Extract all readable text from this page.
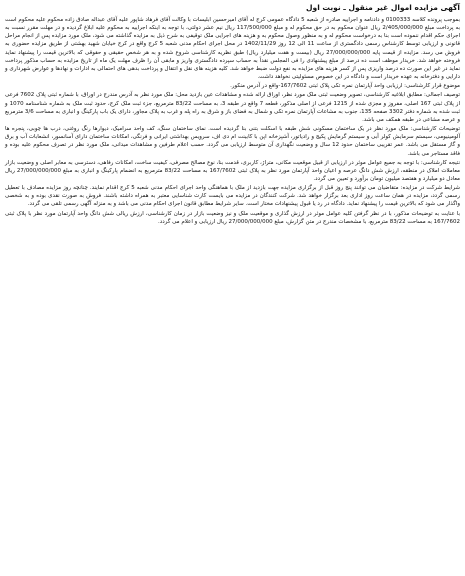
آگهی مزایده اموال غیر منقول ـ نوبت اول

بموجب پرونده کلاسه 0100333 و دادنامه و اجراییه صادره از شعبه 5 دادگاه عمومی کرج له آقای امیرحسین ابلیسات با وکالت آقای فرهاد شاپور علیه آقای عبداله صادق زاده محکوم علیه محکوم است به پرداخت مبلغ 2/405/000/000 ریال عنوان محکوم به در حق محکوم له و مبلغ 117/500/000 ریال نیم عشر دولتی، با توجه به اینکه اجراییه به محکوم علیه ابلاغ گردیده و در مهلت مقرر نسبت به اجرای حکم اقدام ننموده است بنا به درخواست محکوم له و به منظور وصول محکوم به و هزینه های اجرایی ملک توقیفی به شرح ذیل به مزایده گذاشته می شود، ملک مورد مزایده پس از انجام مراحل قانونی و ارزیابی توسط کارشناس رسمی دادگستری از ساعت 11 الی 12 روز 1402/11/29 در محل اجرای احکام مدنی شعبه 5 کرج واقع در کرج خیابان شهید بهشتی از طریق مزایده حضوری به فروش می رسد. مزایده از قیمت پایه 27/000/000/000 ریال (بیست و هفت میلیارد ریال) طبق نظریه کارشناسی شروع شده و به هر شخص حقیقی و حقوقی که بالاترین قیمت را پیشنهاد نماید فروخته خواهد شد. خریدار موظف است ده درصد از مبلغ پیشنهادی را فی المجلس نقداً به حساب سپرده دادگستری واریز و مابقی آن را ظرف مهلت یک ماه از تاریخ مزایده به حساب مذکور پرداخت نماید در غیر این صورت ده درصد واریزی پس از کسر هزینه های مزایده به نفع دولت ضبط خواهد شد. کلیه هزینه های نقل و انتقال و پرداخت بدهی های احتمالی به ادارات و نهادها و عوارض شهرداری و دارایی و دفترخانه به عهده خریدار است و دادگاه در این خصوص مسئولیتی نخواهد داشت.

موضوع قرار کارشناسی: ارزیابی واحد آپارتمان نمره تکی پلاک ثبتی 167/7602-واقع در آدرس منکور.

توصیف اجمالی: مطابق ابلاغیه کارشناسی، تصویر وضعیت ثبتی ملک مورد نظر، اوراق ارائه شده و مشاهدات عین بازدید محل: ملک مورد نظر به آدرس مندرج در اوراق، با شماره ثبتی پلاک 7602 فرعی از پلاک ثبتی 167 اصلی، مفروز و مجزی شده از 1215 فرعی از اصلی مذکور، قطعه 7 واقع در طبقه 3، به مساحت 83/22 مترمربع، جزء ثبت ملک کرج، حدود ثبت ملک به شماره شناسنامه 1070 و ثبت شده به شماره دفتر 3302 صفحه 135، جنوب به مشاعات آپارتمان نمره تکی و شمال به فضای باز و شرق به راه پله و غرب به پلاک مجاور، دارای یک باب پارکینگ و انباری به مساحت 3/6 مترمربع و عرصه مشاعی در طبقه همکف می باشد.

توضیحات کارشناسی: ملک مورد نظر در یک ساختمان مسکونی شش طبقه با اسکلت بتنی بنا گردیده است. نمای ساختمان سنگ، کف واحد سرامیک، دیوارها رنگ روغنی، درب ها چوبی، پنجره ها آلومینیومی، سیستم سرمایش کولر آبی و سیستم گرمایش پکیج و رادیاتور، آشپزخانه اپن با کابینت ام دی اف، سرویس بهداشتی ایرانی و فرنگی، امکانات ساختمان دارای آسانسور، انشعابات آب و برق و گاز مستقل می باشد. عمر تقریبی ساختمان حدود 12 سال و وضعیت نگهداری آن متوسط ارزیابی می گردد. حسب اعلام طرفین و مشاهدات میدانی، ملک مورد نظر در تصرف محکوم علیه بوده و فاقد مستاجر می باشد.

نتیجه کارشناسی: با توجه به جمیع عوامل موثر در ارزیابی از قبیل موقعیت مکانی، متراژ، کاربری، قدمت بنا، نوع مصالح مصرفی، کیفیت ساخت، امکانات رفاهی، دسترسی به معابر اصلی و وضعیت بازار معاملات املاک در منطقه، ارزش شش دانگ عرصه و اعیان واحد آپارتمان مورد نظر به پلاک ثبتی 167/7602 به مساحت 83/22 مترمربع به انضمام پارکینگ و انباری به مبلغ 27/000/000/000 ریال معادل دو میلیارد و هفتصد میلیون تومان برآورد و تعیین می گردد.

شرایط شرکت در مزایده: متقاضیان می توانند پنج روز قبل از برگزاری مزایده جهت بازدید از ملک با هماهنگی واحد اجرای احکام مدنی شعبه 5 کرج اقدام نمایند. چنانچه روز مزایده مصادف با تعطیل رسمی گردد، مزایده در همان ساعت روز اداری بعد برگزار خواهد شد. شرکت کنندگان در مزایده می بایست کارت شناسایی معتبر به همراه داشته باشند. فروش به صورت نقدی بوده و به شخصی واگذار می شود که بالاترین قیمت را پیشنهاد نماید. دادگاه در رد یا قبول پیشنهادات مختار است. سایر شرایط مطابق قانون اجرای احکام مدنی می باشد و به منزله آگهی رسمی تلقی می گردد.

با عنایت به توضیحات مذکور، با در نظر گرفتن کلیه عوامل موثر در ارزش گذاری و موقعیت ملک و نیز وضعیت بازار در زمان کارشناسی، ارزش ریالی شش دانگ واحد آپارتمان مورد نظر با پلاک ثبتی 167/7602 به مساحت 83/22 مترمربع، با مشخصات مندرج در متن گزارش، مبلغ 27/000/000/000 ریال ارزیابی و اعلام می گردد.
